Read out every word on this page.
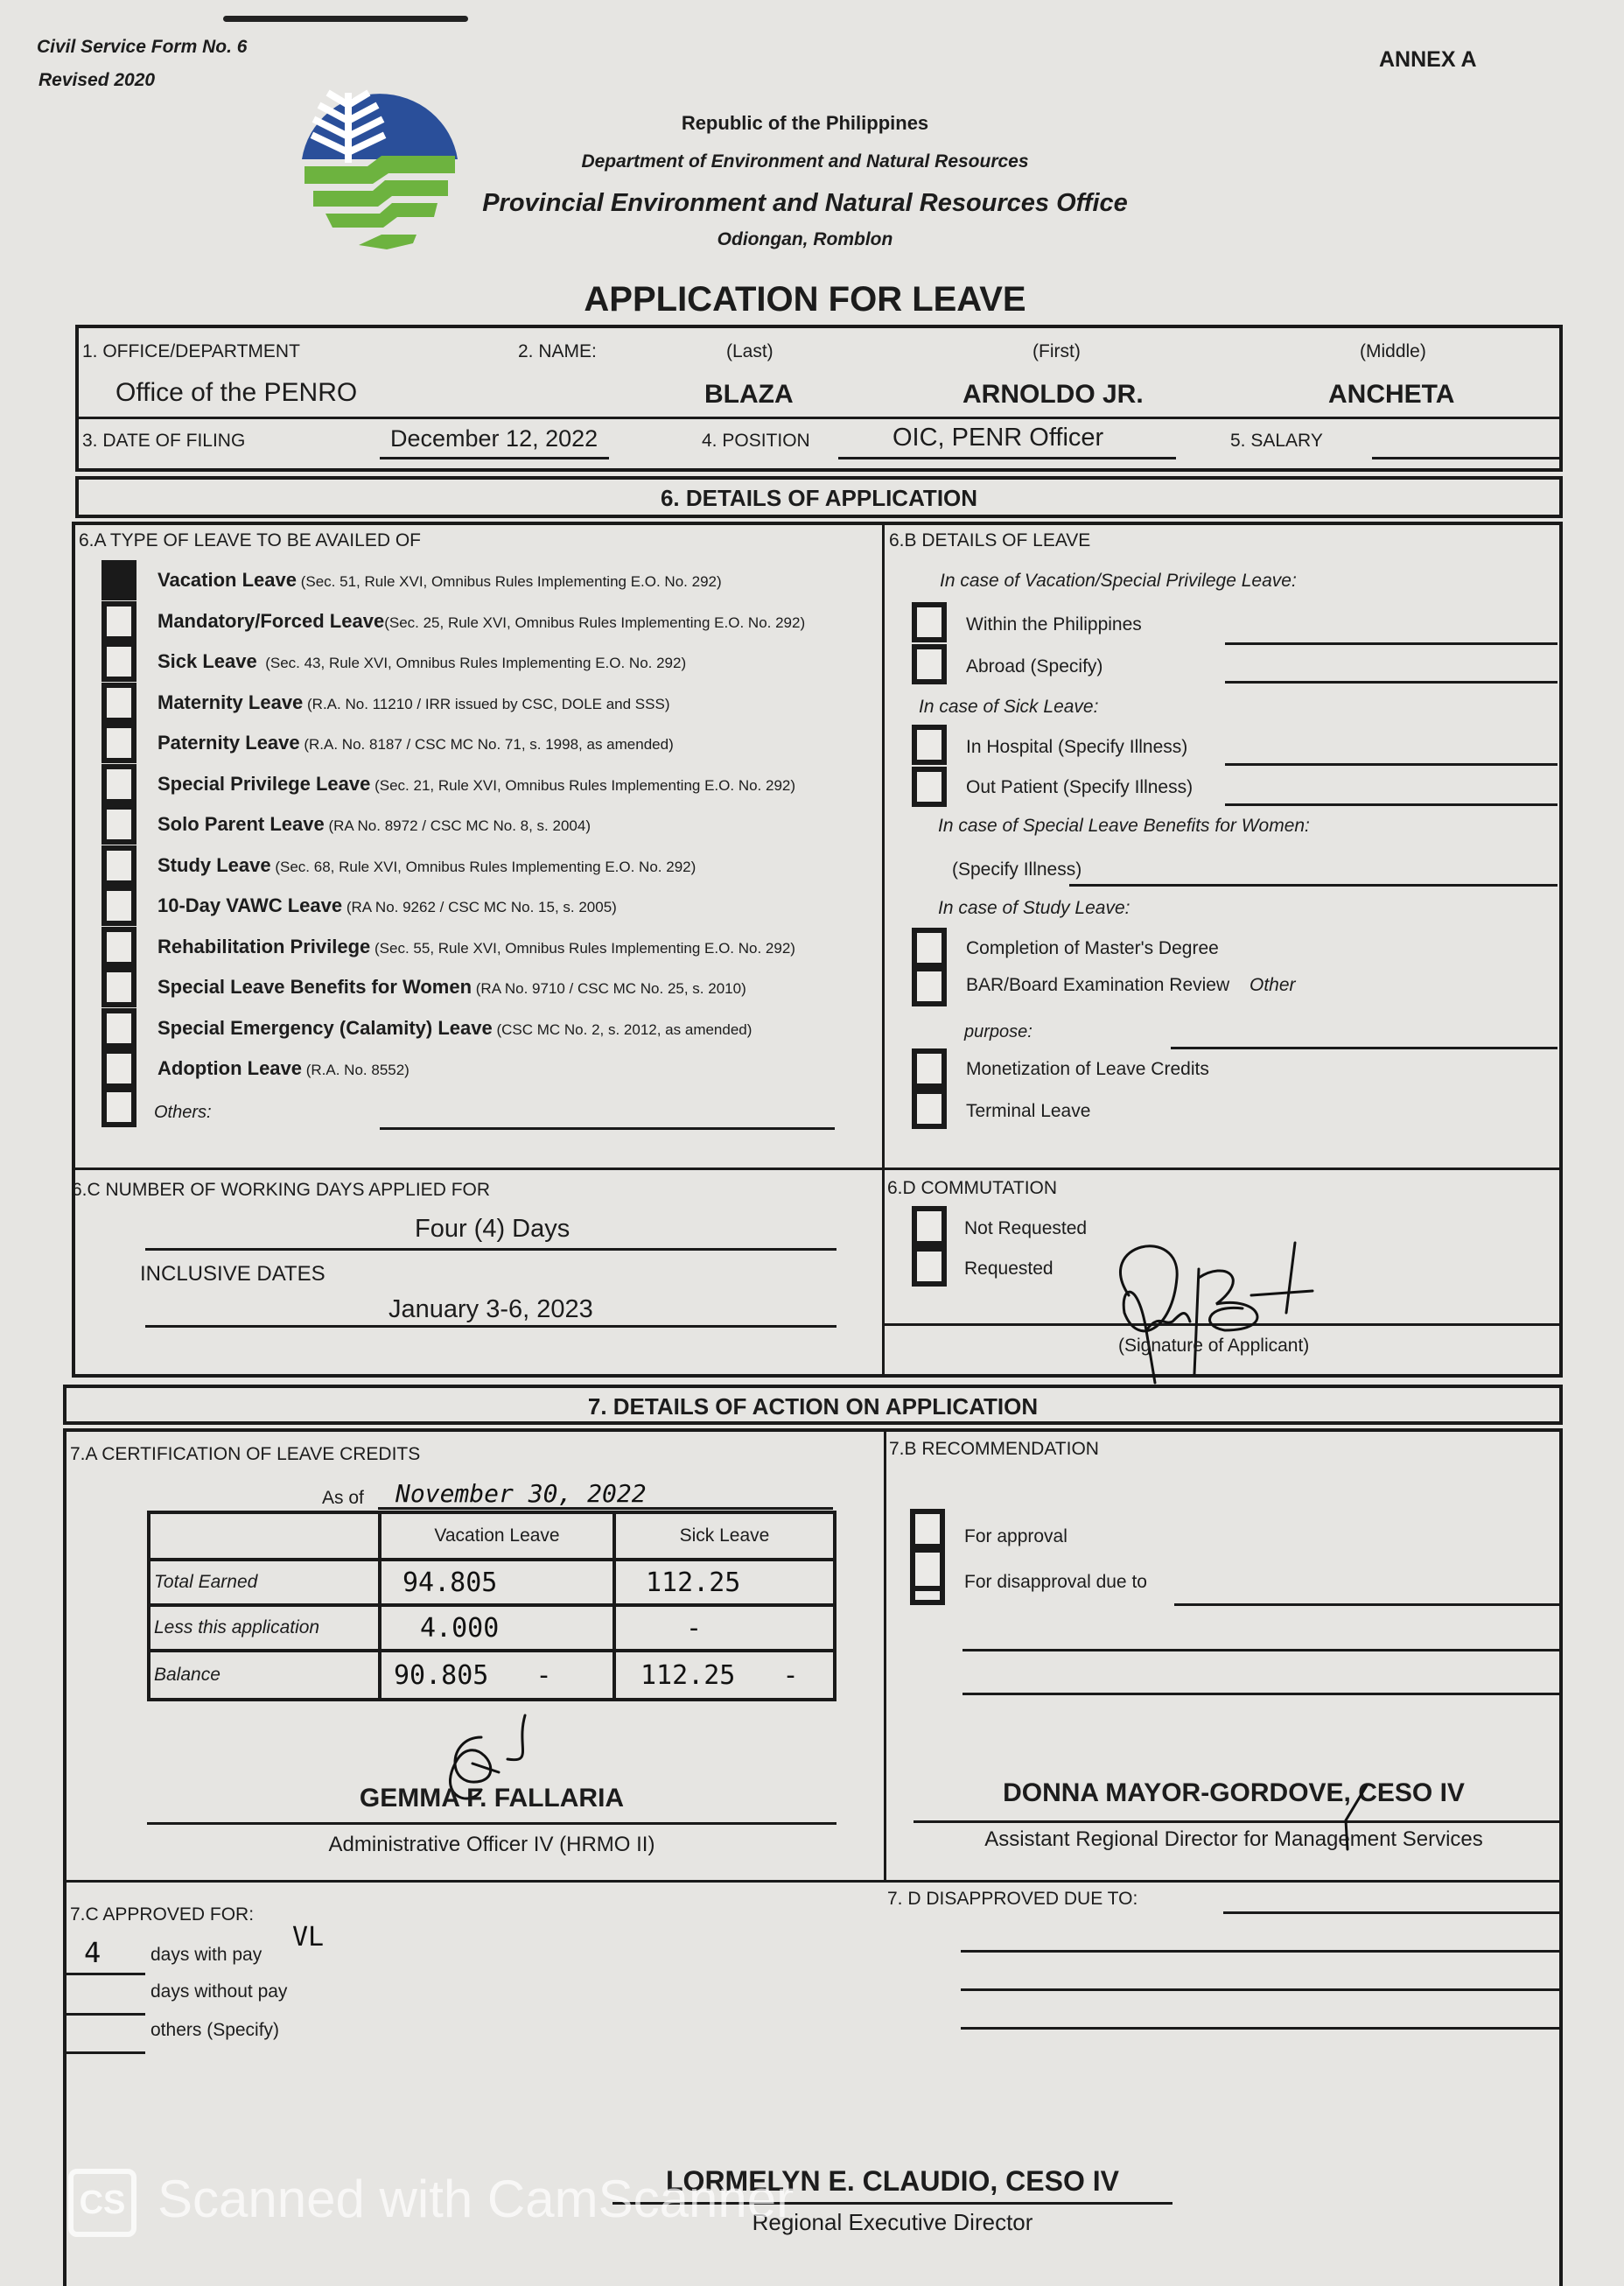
Civil Service Form No. 6
Revised 2020
ANNEX A
Republic of the Philippines
Department of Environment and Natural Resources
Provincial Environment and Natural Resources Office
Odiongan, Romblon
APPLICATION FOR LEAVE
1. OFFICE/DEPARTMENT
Office of the PENRO
2. NAME:	(Last)	(First)	(Middle)
BLAZA	ARNOLDO JR.	ANCHETA
3. DATE OF FILING	December 12, 2022	4. POSITION	OIC, PENR Officer	5. SALARY
6. DETAILS OF APPLICATION
6.A TYPE OF LEAVE TO BE AVAILED OF
Vacation Leave (Sec. 51, Rule XVI, Omnibus Rules Implementing E.O. No. 292)
Mandatory/Forced Leave(Sec. 25, Rule XVI, Omnibus Rules Implementing E.O. No. 292)
Sick Leave  (Sec. 43, Rule XVI, Omnibus Rules Implementing E.O. No. 292)
Maternity Leave (R.A. No. 11210 / IRR issued by CSC, DOLE and SSS)
Paternity Leave (R.A. No. 8187 / CSC MC No. 71, s. 1998, as amended)
Special Privilege Leave (Sec. 21, Rule XVI, Omnibus Rules Implementing E.O. No. 292)
Solo Parent Leave (RA No. 8972 / CSC MC No. 8, s. 2004)
Study Leave (Sec. 68, Rule XVI, Omnibus Rules Implementing E.O. No. 292)
10-Day VAWC Leave (RA No. 9262 / CSC MC No. 15, s. 2005)
Rehabilitation Privilege (Sec. 55, Rule XVI, Omnibus Rules Implementing E.O. No. 292)
Special Leave Benefits for Women (RA No. 9710 / CSC MC No. 25, s. 2010)
Special Emergency (Calamity) Leave (CSC MC No. 2, s. 2012, as amended)
Adoption Leave (R.A. No. 8552)
Others:
6.B DETAILS OF LEAVE
In case of Vacation/Special Privilege Leave:
Within the Philippines
Abroad (Specify)
In case of Sick Leave:
In Hospital (Specify Illness)
Out Patient (Specify Illness)
In case of Special Leave Benefits for Women:
(Specify Illness)
In case of Study Leave:
Completion of Master's Degree
BAR/Board Examination Review Other
purpose:
Monetization of Leave Credits
Terminal Leave
6.C NUMBER OF WORKING DAYS APPLIED FOR
Four (4) Days
INCLUSIVE DATES
January 3-6, 2023
6.D COMMUTATION
Not Requested
Requested
(Signature of Applicant)
7. DETAILS OF ACTION ON APPLICATION
7.A CERTIFICATION OF LEAVE CREDITS
As of November 30, 2022
	Vacation Leave	Sick Leave
Total Earned	94.805	112.25
Less this application	4.000	-
Balance	90.805   -	112.25   -
GEMMA F. FALLARIA
Administrative Officer IV (HRMO II)
7.B RECOMMENDATION
For approval
For disapproval due to
DONNA MAYOR-GORDOVE, CESO IV
Assistant Regional Director for Management Services
7.C APPROVED FOR:
4	VL
days with pay
days without pay
others (Specify)
7. D DISAPPROVED DUE TO:
LORMELYN E. CLAUDIO, CESO IV
Regional Executive Director
CS Scanned with CamScanner
